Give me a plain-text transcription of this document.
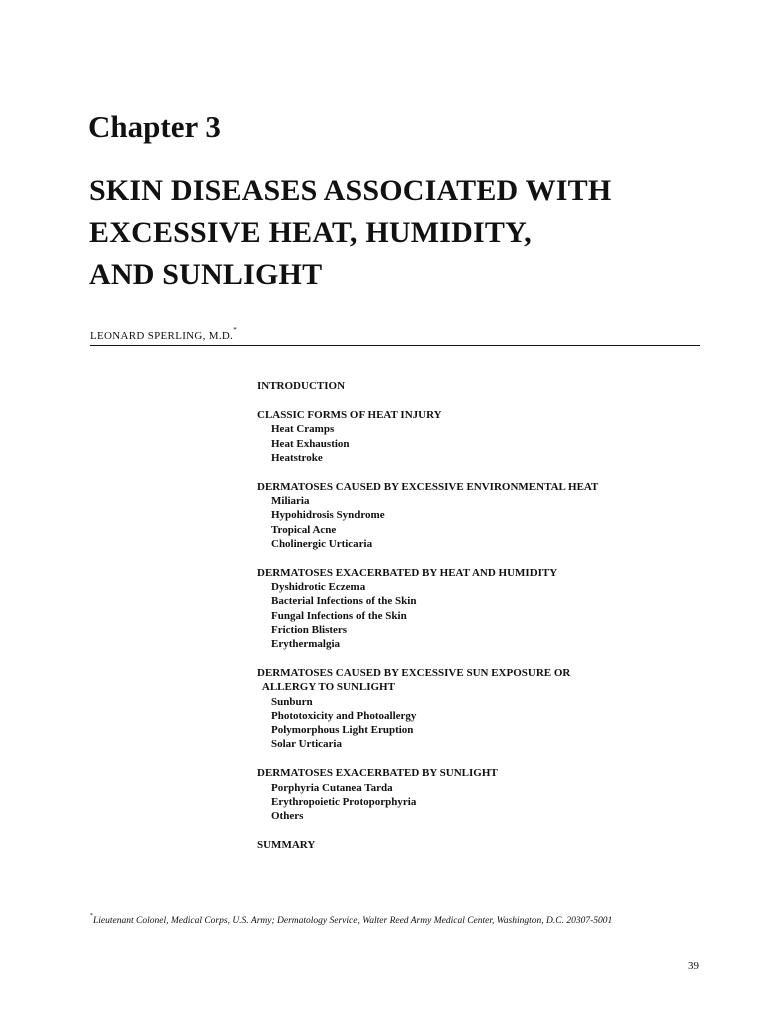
Chapter 3
SKIN DISEASES ASSOCIATED WITH
EXCESSIVE HEAT, HUMIDITY,
AND SUNLIGHT
LEONARD SPERLING, M.D.*
INTRODUCTION
CLASSIC FORMS OF HEAT INJURY
Heat Cramps
Heat Exhaustion
Heatstroke
DERMATOSES CAUSED BY EXCESSIVE ENVIRONMENTAL HEAT
Miliaria
Hypohidrosis Syndrome
Tropical Acne
Cholinergic Urticaria
DERMATOSES EXACERBATED BY HEAT AND HUMIDITY
Dyshidrotic Eczema
Bacterial Infections of the Skin
Fungal Infections of the Skin
Friction Blisters
Erythermalgia
DERMATOSES CAUSED BY EXCESSIVE SUN EXPOSURE OR
ALLERGY TO SUNLIGHT
Sunburn
Phototoxicity and Photoallergy
Polymorphous Light Eruption
Solar Urticaria
DERMATOSES EXACERBATED BY SUNLIGHT
Porphyria Cutanea Tarda
Erythropoietic Protoporphyria
Others
SUMMARY
*Lieutenant Colonel, Medical Corps, U.S. Army; Dermatology Service, Walter Reed Army Medical Center, Washington, D.C. 20307-5001
39
